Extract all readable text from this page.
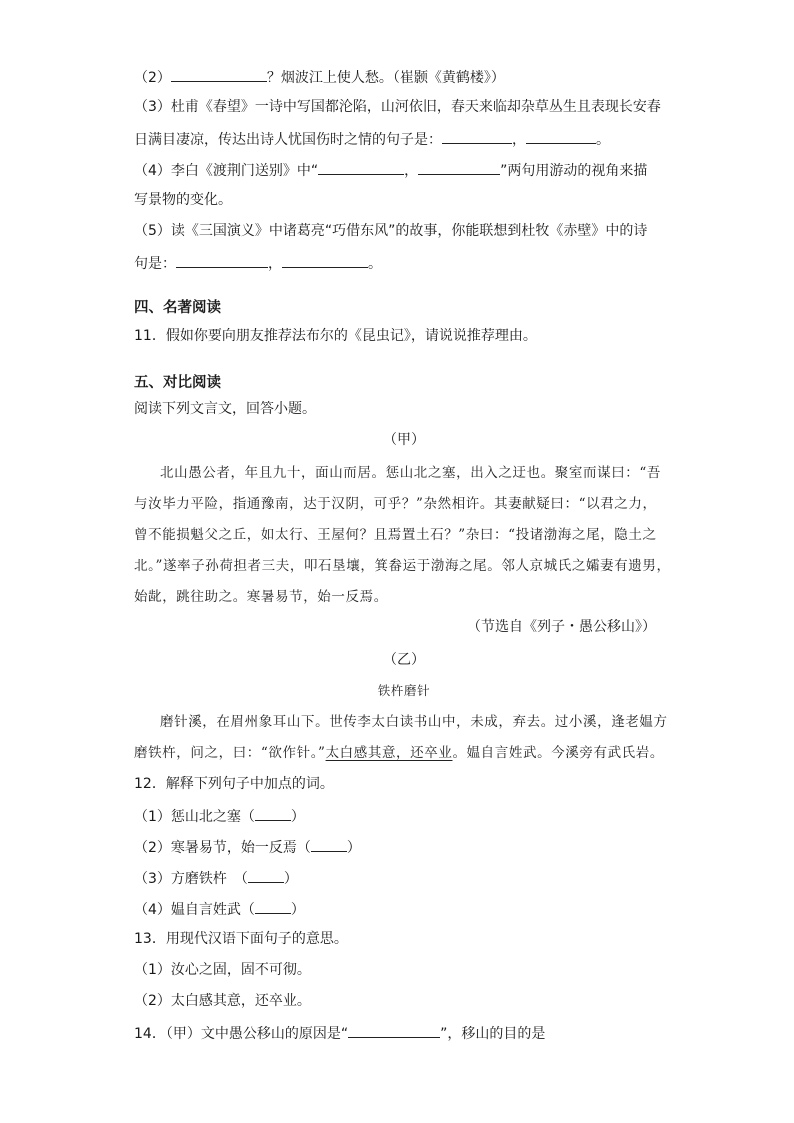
（2）	？烟波江上使人愁。（崔颢《黄鹤楼》）
（3）杜甫《春望》一诗中写国都沦陷，山河依旧，春天来临却杂草丛生且表现长安春
日满目凄凉，传达出诗人忧国伤时之情的句子是：	，	。
（4）李白《渡荆门送别》中“	，	”两句用游动的视角来描
写景物的变化。
（5）读《三国演义》中诸葛亮“巧借东风”的故事，你能联想到杜牧《赤壁》中的诗
句是：	，	。
四、名著阅读
11．假如你要向朋友推荐法布尔的《昆虫记》，请说说推荐理由。
五、对比阅读
阅读下列文言文，回答小题。
（甲）
北山愚公者，年且九十，面山而居。惩山北之塞，出入之迂也。聚室而谋曰：“吾
与汝毕力平险，指通豫南，达于汉阴，可乎？”杂然相许。其妻献疑曰：“以君之力，
曾不能损魁父之丘，如太行、王屋何？且焉置土石？”杂曰：“投诸渤海之尾，隐土之
北。”遂率子孙荷担者三夫，叩石垦壤，箕畚运于渤海之尾。邻人京城氏之孀妻有遗男，
始龀，跳往助之。寒暑易节，始一反焉。
（节选自《列子・愚公移山》）
（乙）
铁杵磨针
磨针溪，在眉州象耳山下。世传李太白读书山中，未成，弃去。过小溪，逢老媪方
磨铁杵，问之，曰：“欲作针。”太白感其意，还卒业。媪自言姓武。今溪旁有武氏岩。
12．解释下列句子中加点的词。
（1）惩山北之塞（	）
（2）寒暑易节，始一反焉（	）
（3）方磨铁杵　（	）
（4）媪自言姓武（	）
13．用现代汉语下面句子的意思。
（1）汝心之固，固不可彻。
（2）太白感其意，还卒业。
14．（甲）文中愚公移山的原因是“	”，移山的目的是
